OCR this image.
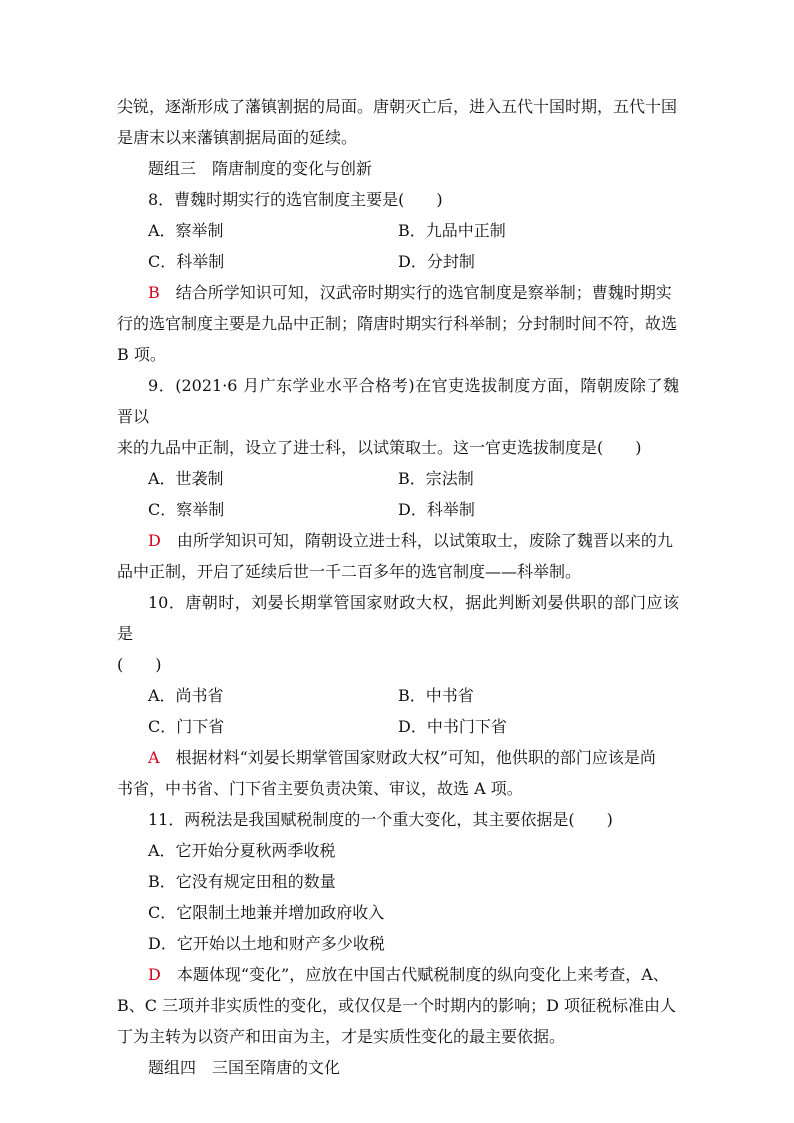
尖锐，逐渐形成了藩镇割据的局面。唐朝灭亡后，进入五代十国时期，五代十国

是唐末以来藩镇割据局面的延续。

题组三　隋唐制度的变化与创新

8．曹魏时期实行的选官制度主要是(　　)

A．察举制	B．九品中正制
C．科举制	D．分封制

B 结合所学知识可知，汉武帝时期实行的选官制度是察举制；曹魏时期实

行的选官制度主要是九品中正制；隋唐时期实行科举制；分封制时间不符，故选

B 项。

9．(2021·6 月广东学业水平合格考)在官吏选拔制度方面，隋朝废除了魏晋以

来的九品中正制，设立了进士科，以试策取士。这一官吏选拔制度是(　　)

A．世袭制	B．宗法制
C．察举制	D．科举制

D 由所学知识可知，隋朝设立进士科，以试策取士，废除了魏晋以来的九

品中正制，开启了延续后世一千二百多年的选官制度——科举制。

10．唐朝时，刘晏长期掌管国家财政大权，据此判断刘晏供职的部门应该是

(　　)

A．尚书省	B．中书省
C．门下省	D．中书门下省

A 根据材料“刘晏长期掌管国家财政大权”可知，他供职的部门应该是尚

书省，中书省、门下省主要负责决策、审议，故选 A 项。

11．两税法是我国赋税制度的一个重大变化，其主要依据是(　　)

A．它开始分夏秋两季收税
B．它没有规定田租的数量
C．它限制土地兼并增加政府收入
D．它开始以土地和财产多少收税

D 本题体现“变化”，应放在中国古代赋税制度的纵向变化上来考查，A、

B、C 三项并非实质性的变化，或仅仅是一个时期内的影响；D 项征税标准由人

丁为主转为以资产和田亩为主，才是实质性变化的最主要依据。

题组四　三国至隋唐的文化
